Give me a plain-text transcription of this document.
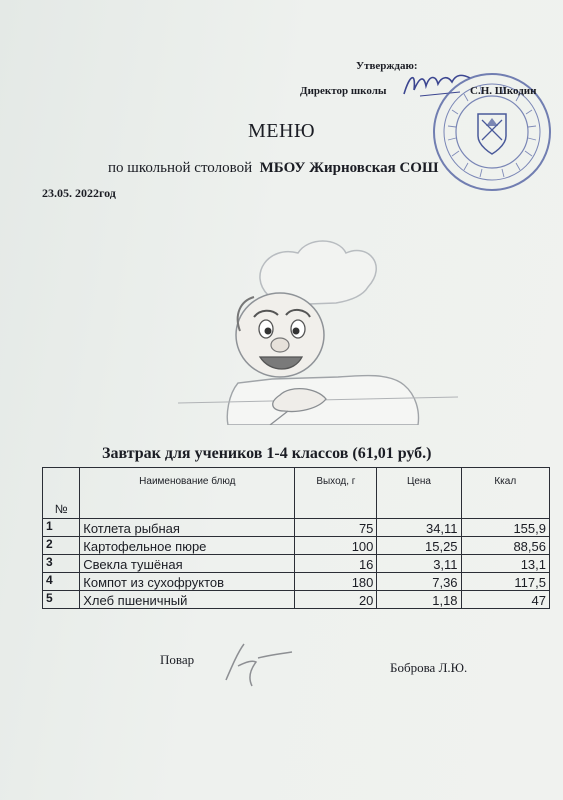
Утверждаю:
Директор школы	С.Н. Шкодин
МЕНЮ
по школьной столовой МБОУ Жирновская СОШ
23.05. 2022год
Завтрак для учеников 1-4 классов (61,01 руб.)
№	Наименование блюд	Выход, г	Цена	Ккал
1	Котлета рыбная	75	34,11	155,9
2	Картофельное пюре	100	15,25	88,56
3	Свекла тушёная	16	3,11	13,1
4	Компот из сухофруктов	180	7,36	117,5
5	Хлеб пшеничный	20	1,18	47
Повар
Боброва Л.Ю.
